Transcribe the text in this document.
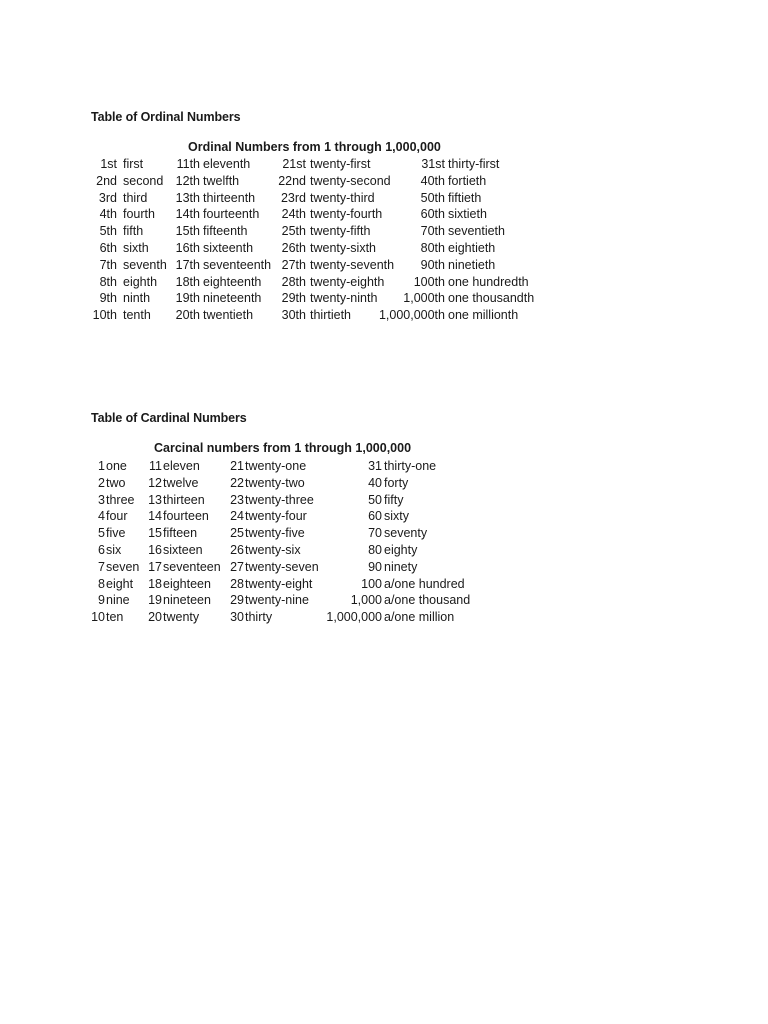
Table of Ordinal Numbers
Ordinal Numbers from 1 through 1,000,000
1st first	11th eleventh	21st twenty-first	31st thirty-first
2nd second 12th twelfth	22nd twenty-second 40th fortieth
3rd third 13th thirteenth 23rd twenty-third	50th fiftieth
4th fourth 14th fourteenth 24th twenty-fourth	60th sixtieth
5th fifth	15th fifteenth	25th twenty-fifth	70th seventieth
6th sixth 16th sixteenth 26th twenty-sixth	80th eightieth
7th seventh 17th seventeenth 27th twenty-seventh 90th ninetieth
8th eighth 18th eighteenth 28th twenty-eighth 100th one hundredth
9th ninth 19th nineteenth 29th twenty-ninth 1,000th one thousandth
10th tenth 20th twentieth 30th thirtieth 1,000,000th one millionth
Table of Cardinal Numbers
Carcinal numbers from 1 through 1,000,000
1 one 11 eleven 21 twenty-one	31 thirty-one
2 two 12 twelve	22 twenty-two	40 forty
3 three 13 thirteen 23 twenty-three	50 fifty
4 four 14 fourteen 24 twenty-four	60 sixty
5 five 15 fifteen	25 twenty-five	70 seventy
6 six 16 sixteen 26 twenty-six	80 eighty
7 seven 17 seventeen 27 twenty-seven	90 ninety
8 eight 18 eighteen 28 twenty-eight	100 a/one hundred
9 nine 19 nineteen 29 twenty-nine	1,000 a/one thousand
10 ten 20 twenty 30 thirty	1,000,000 a/one million
